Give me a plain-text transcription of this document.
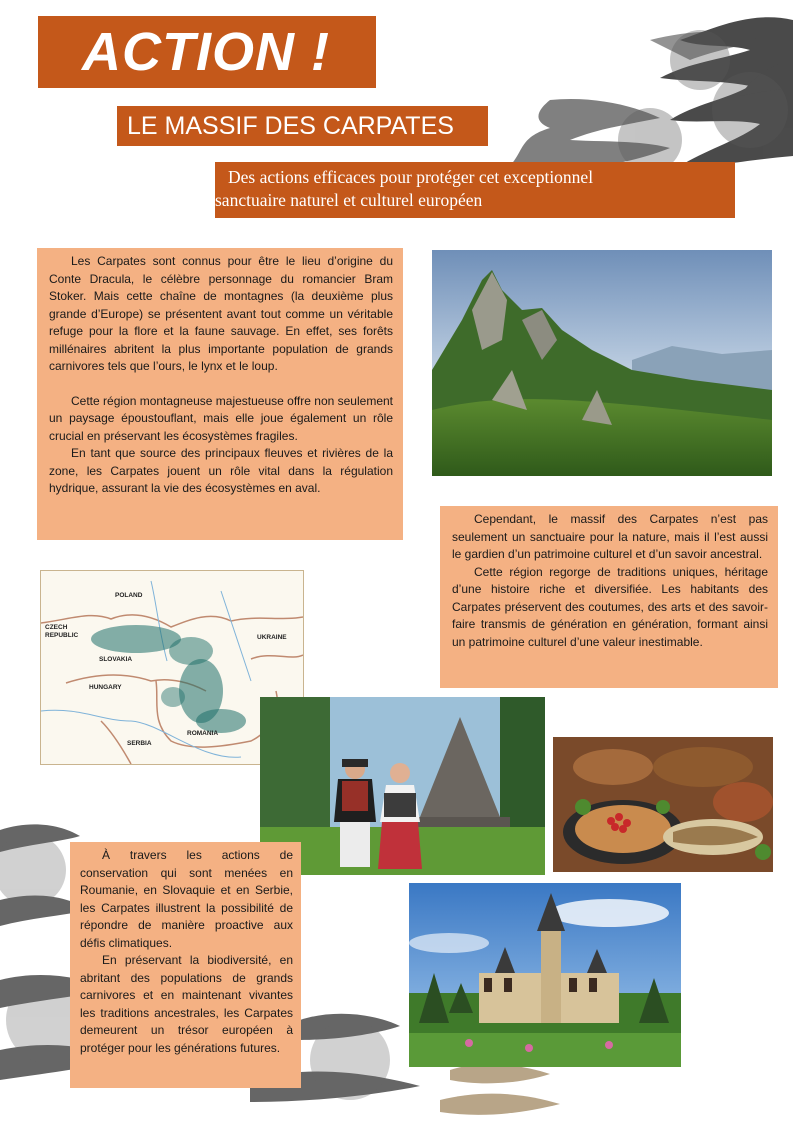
ACTION !
LE MASSIF DES CARPATES
Des actions efficaces pour protéger cet exceptionnel
sanctuaire naturel et culturel européen

Les Carpates sont connus pour être le lieu d’origine du Conte Dracula, le célèbre personnage du romancier Bram Stoker. Mais cette chaîne de montagnes (la deuxième plus grande d’Europe) se présentent avant tout comme un véritable refuge pour la flore et la faune sauvage. En effet, ses forêts millénaires abritent la plus importante population de grands carnivores tels que l’ours, le lynx et le loup.

Cette région montagneuse majestueuse offre non seulement un paysage époustouflant, mais elle joue également un rôle crucial en préservant les écosystèmes fragiles.

En tant que source des principaux fleuves et rivières de la zone, les Carpates jouent un rôle vital dans la régulation hydrique, assurant la vie des écosystèmes en aval.

Cependant, le massif des Carpates n’est pas seulement un sanctuaire pour la nature, mais il l’est aussi le gardien d’un patrimoine culturel et d’un savoir ancestral.

Cette région regorge de traditions uniques, héritage d’une histoire riche et diversifiée. Les habitants des Carpates préservent des coutumes, des arts et des savoir-faire transmis de génération en génération, formant ainsi un patrimoine culturel d’une valeur inestimable.

POLAND
CZECH
REPUBLIC
SLOVAKIA
UKRAINE
HUNGARY
ROMANIA
SERBIA

À travers les actions de conservation qui sont menées en Roumanie, en Slovaquie et en Serbie, les Carpates illustrent la possibilité de répondre de manière proactive aux défis climatiques.

En préservant la biodiversité, en abritant des populations de grands carnivores et en maintenant vivantes les traditions ancestrales, les Carpates demeurent un trésor européen à protéger pour les générations futures.
